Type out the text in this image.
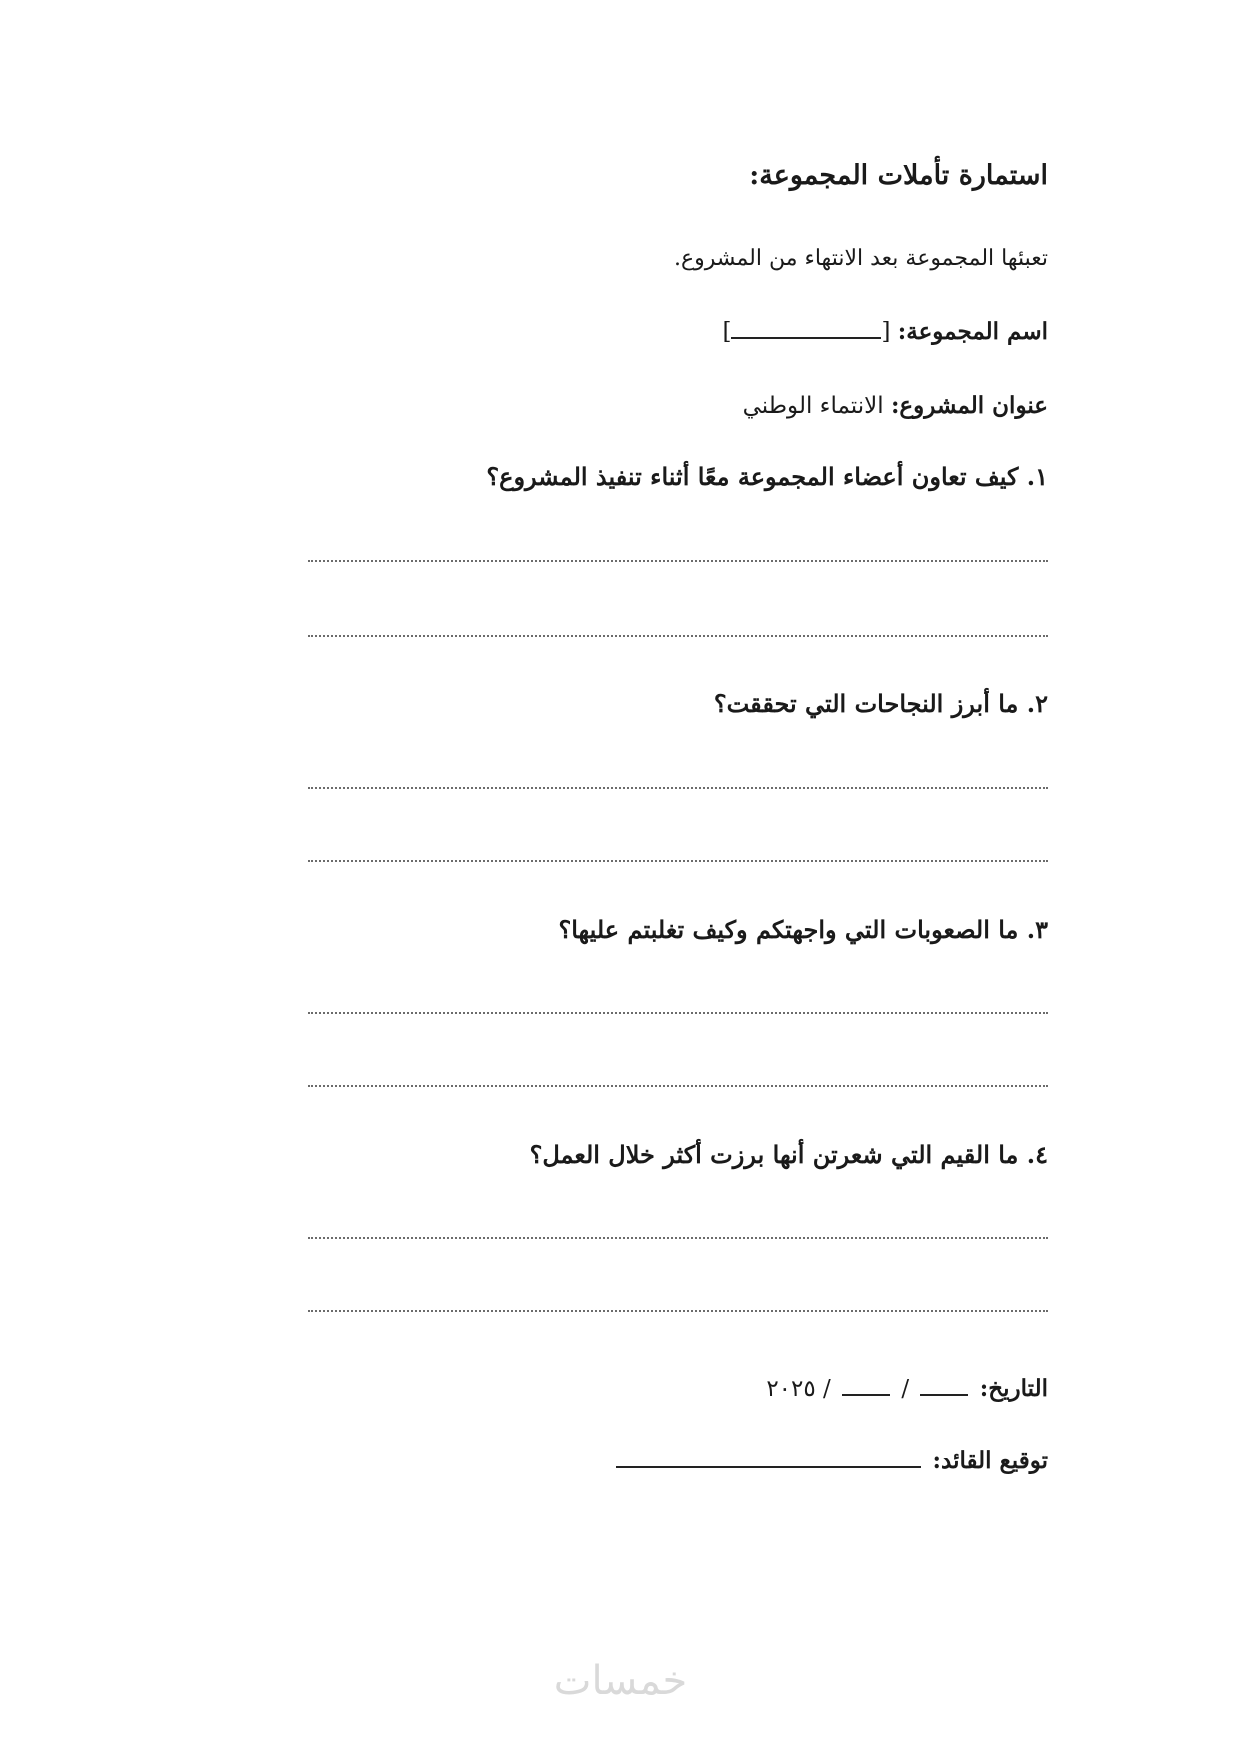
استمارة تأملات المجموعة:
تعبئها المجموعة بعد الانتهاء من المشروع.
اسم المجموعة: []
عنوان المشروع: الانتماء الوطني
١. كيف تعاون أعضاء المجموعة معًا أثناء تنفيذ المشروع؟
٢. ما أبرز النجاحات التي تحققت؟
٣. ما الصعوبات التي واجهتكم وكيف تغلبتم عليها؟
٤. ما القيم التي شعرتن أنها برزت أكثر خلال العمل؟
التاريخ:  /  / ٢٠٢٥
توقيع القائد:
خمسات
